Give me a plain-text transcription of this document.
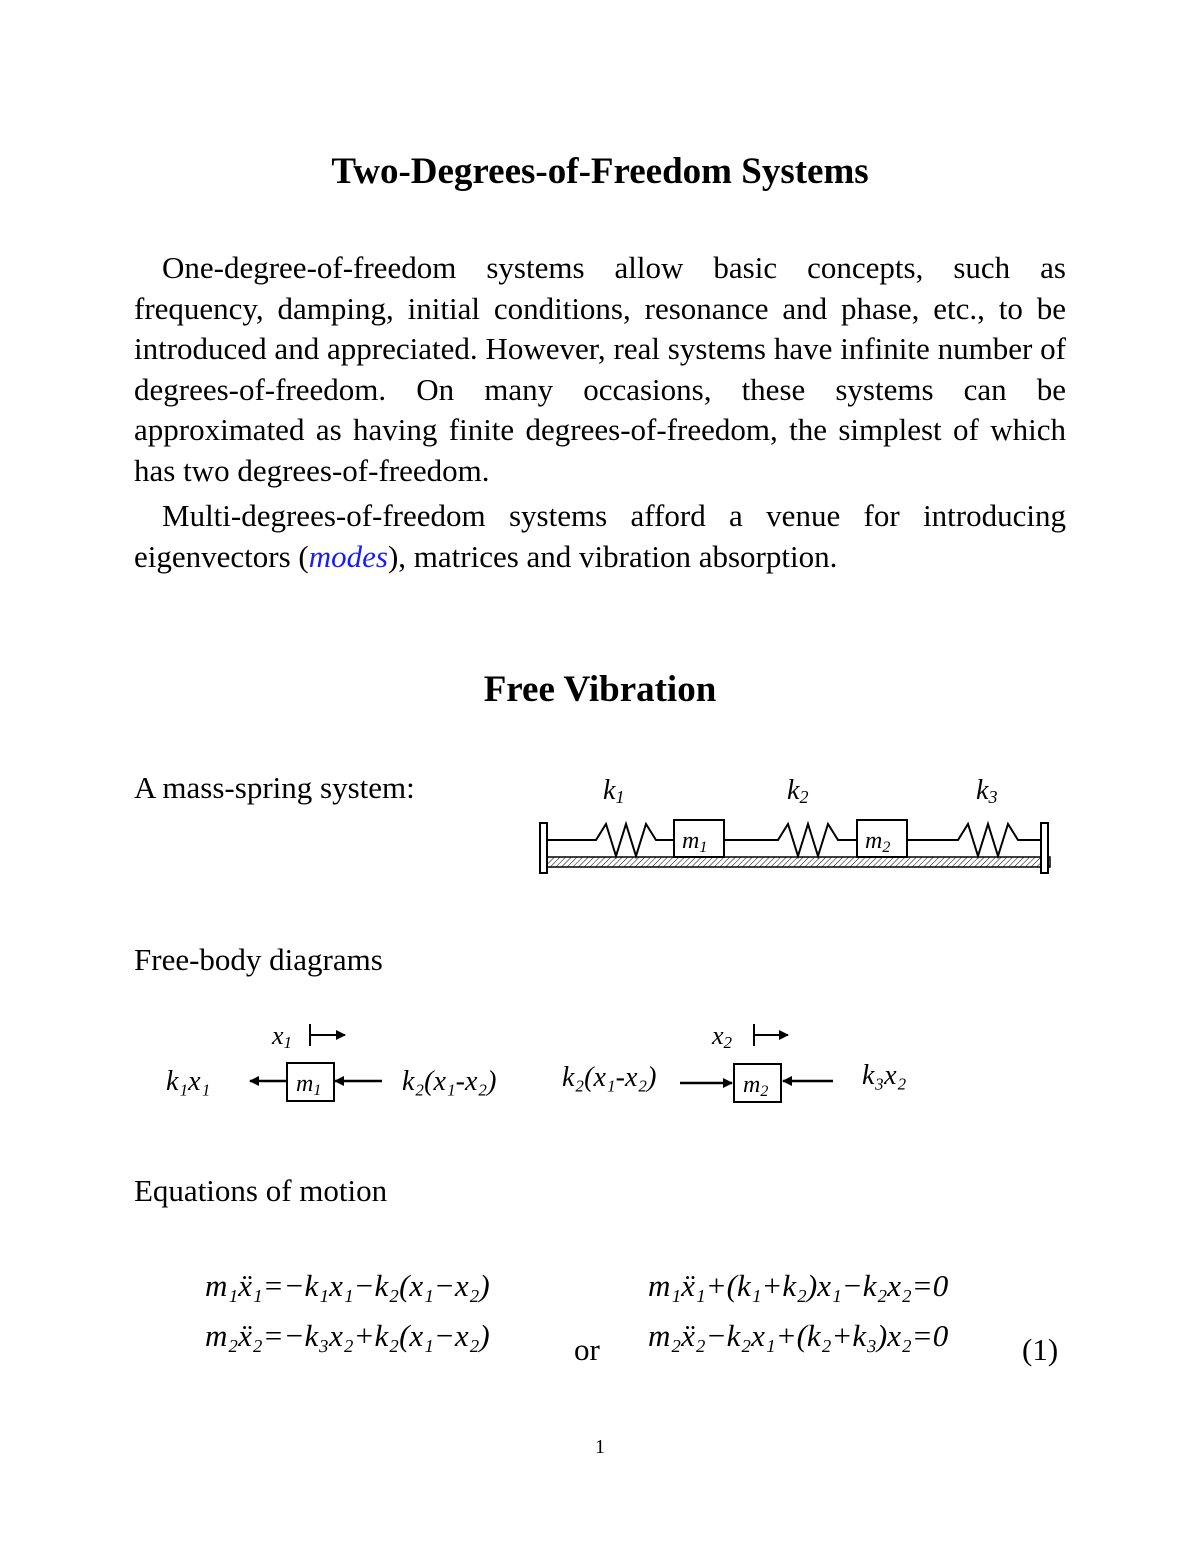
Two-Degrees-of-Freedom Systems
One-degree-of-freedom systems allow basic concepts, such as frequency, damping, initial conditions, resonance and phase, etc., to be introduced and appreciated. However, real systems have infinite number of degrees-of-freedom. On many occasions, these systems can be approximated as having finite degrees-of-freedom, the simplest of which has two degrees-of-freedom.
Multi-degrees-of-freedom systems afford a venue for introducing eigenvectors (modes), matrices and vibration absorption.
Free Vibration
A mass-spring system:	k1	k2	k3
m1	m2
Free-body diagrams
x1
k₁x₁	m1	k₂(x₁-x₂)
x2
k₂(x₁-x₂)	m2
k₃x₂
Equations of motion
m₁ẍ₁=−k₁x₁−k₂(x₁−x₂)
m₂ẍ₂=−k₃x₂+k₂(x₁−x₂)	or
m₁ẍ₁+(k₁+k₂)x₁−k₂x₂=0
m₂ẍ₂−k₂x₁+(k₂+k₃)x₂=0 (1)
1
